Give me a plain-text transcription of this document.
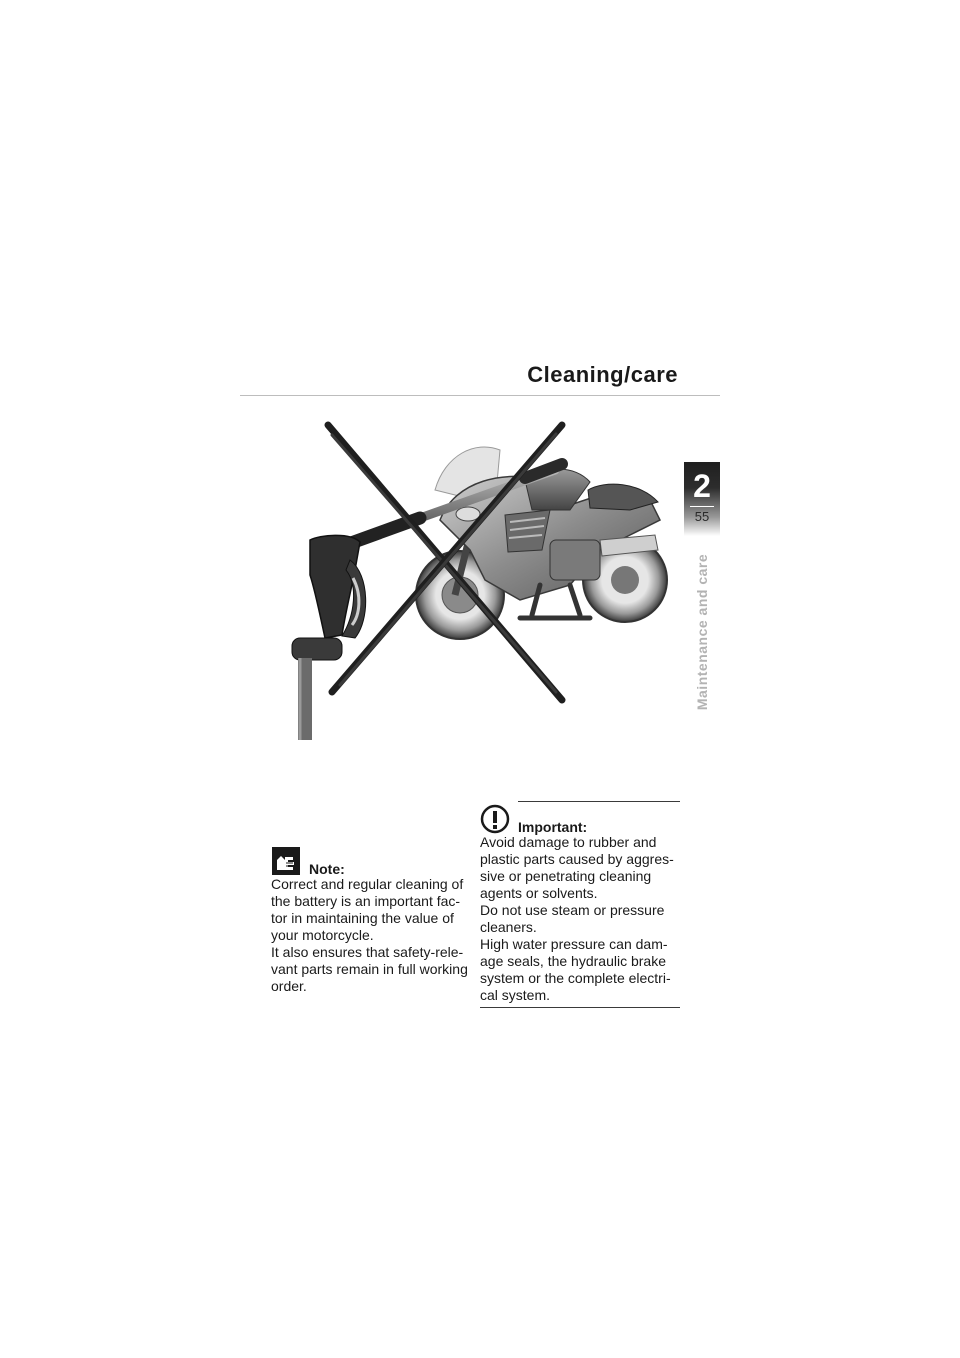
Cleaning/care
2
55
Maintenance and care
Note:
Correct and regular cleaning of
the battery is an important fac-
tor in maintaining the value of
your motorcycle.
It also ensures that safety-rele-
vant parts remain in full working
order.
Important:
Avoid damage to rubber and
plastic parts caused by aggres-
sive or penetrating cleaning
agents or solvents.
Do not use steam or pressure
cleaners.
High water pressure can dam-
age seals, the hydraulic brake
system or the complete electri-
cal system.
